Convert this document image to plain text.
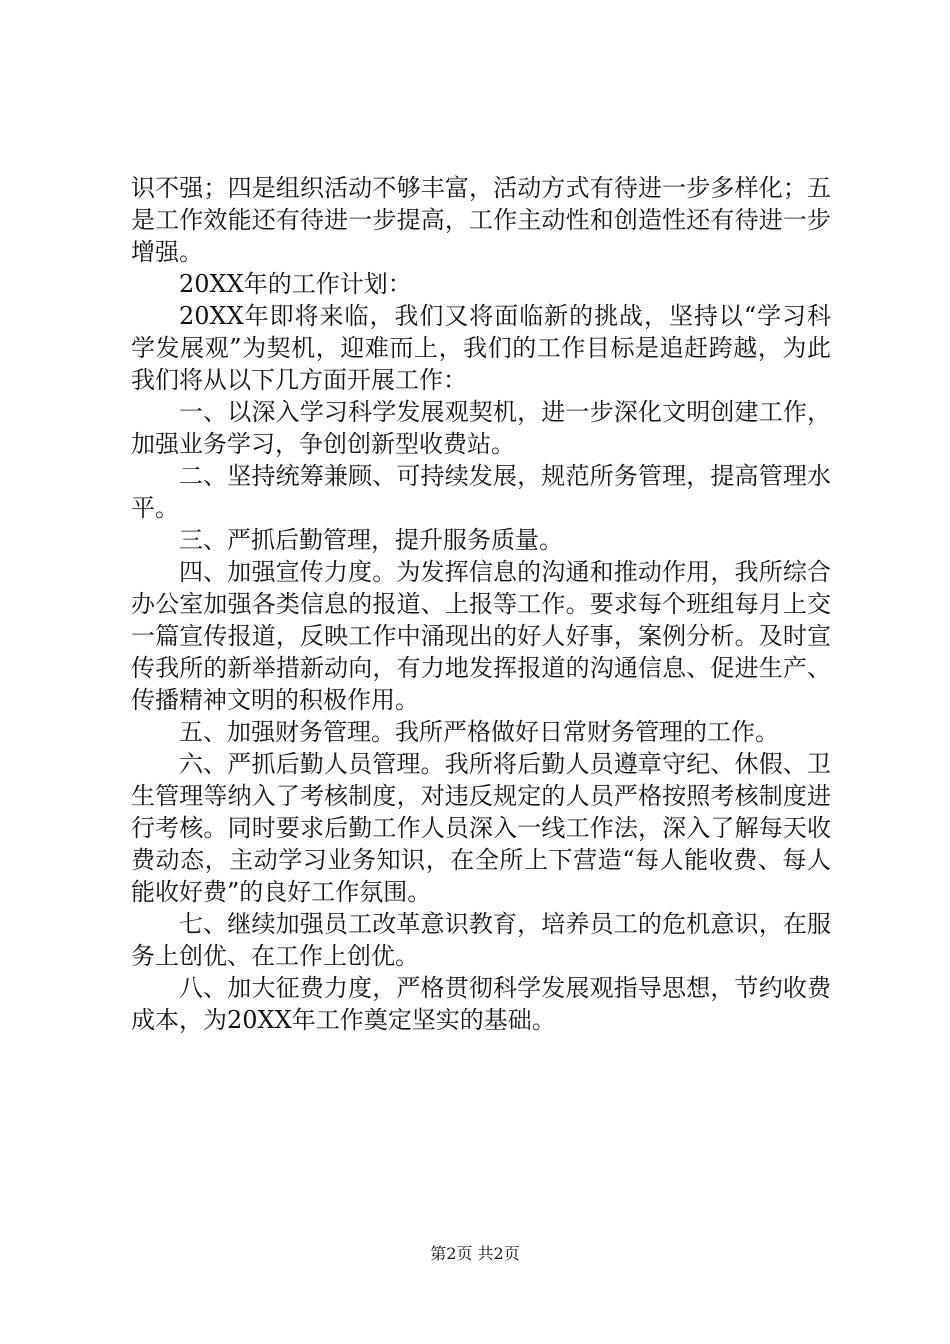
识不强；四是组织活动不够丰富，活动方式有待进一步多样化；五是工作效能还有待进一步提高，工作主动性和创造性还有待进一步增强。

20XX年的工作计划：

20XX年即将来临，我们又将面临新的挑战，坚持以“学习科学发展观”为契机，迎难而上，我们的工作目标是追赶跨越，为此我们将从以下几方面开展工作：

一、以深入学习科学发展观契机，进一步深化文明创建工作，加强业务学习，争创创新型收费站。

二、坚持统筹兼顾、可持续发展，规范所务管理，提高管理水平。

三、严抓后勤管理，提升服务质量。

四、加强宣传力度。为发挥信息的沟通和推动作用，我所综合办公室加强各类信息的报道、上报等工作。要求每个班组每月上交一篇宣传报道，反映工作中涌现出的好人好事，案例分析。及时宣传我所的新举措新动向，有力地发挥报道的沟通信息、促进生产、传播精神文明的积极作用。

五、加强财务管理。我所严格做好日常财务管理的工作。

六、严抓后勤人员管理。我所将后勤人员遵章守纪、休假、卫生管理等纳入了考核制度，对违反规定的人员严格按照考核制度进行考核。同时要求后勤工作人员深入一线工作法，深入了解每天收费动态，主动学习业务知识，在全所上下营造“每人能收费、每人能收好费”的良好工作氛围。

七、继续加强员工改革意识教育，培养员工的危机意识，在服务上创优、在工作上创优。

八、加大征费力度，严格贯彻科学发展观指导思想，节约收费成本，为20XX年工作奠定坚实的基础。

第2页 共2页
